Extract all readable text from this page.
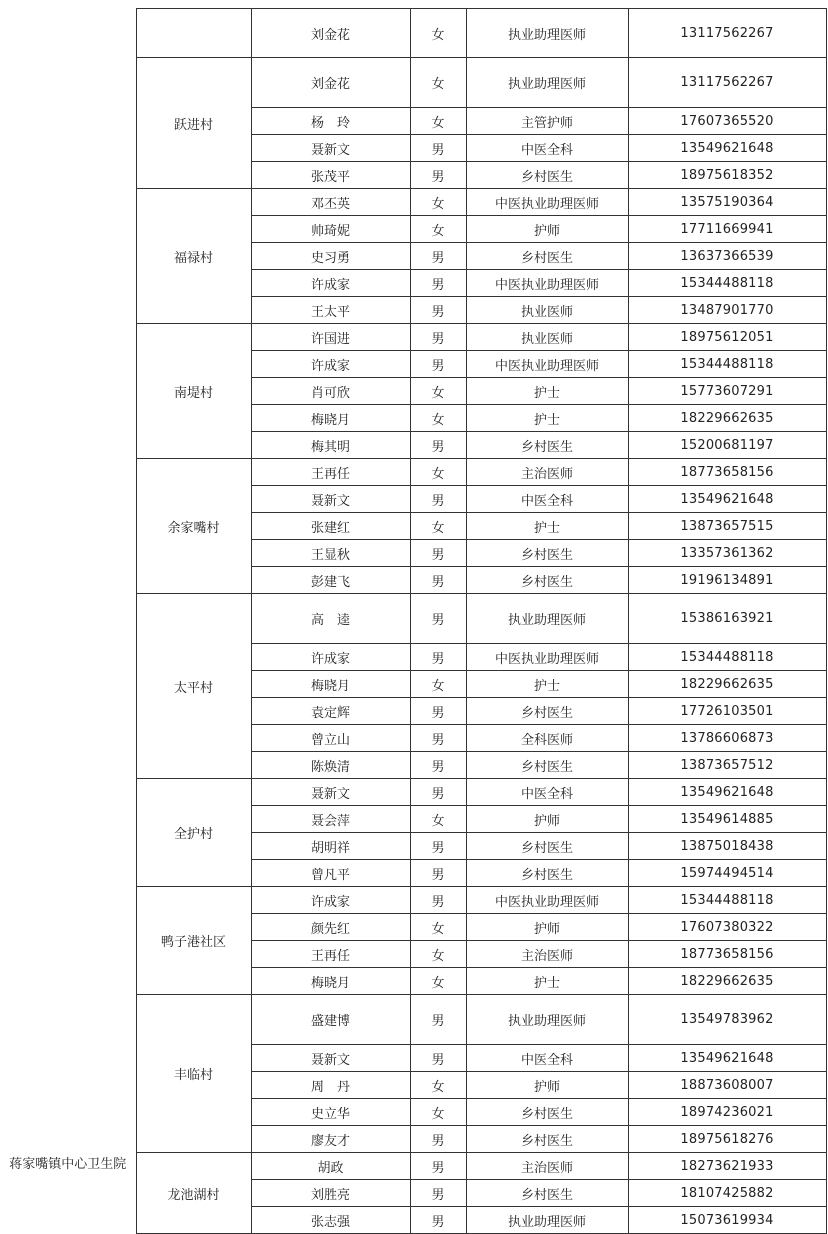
		刘金花	女	执业助理医师	13117562267
	跃进村	刘金花	女	执业助理医师	13117562267
		杨　玲	女	主管护师	17607365520
		聂新文	男	中医全科	13549621648
		张茂平	男	乡村医生	18975618352
	福禄村	邓丕英	女	中医执业助理医师	13575190364
		帅琦妮	女	护师	17711669941
		史习勇	男	乡村医生	13637366539
		许成家	男	中医执业助理医师	15344488118
		王太平	男	执业医师	13487901770
	南堤村	许国进	男	执业医师	18975612051
		许成家	男	中医执业助理医师	15344488118
		肖可欣	女	护士	15773607291
		梅晓月	女	护士	18229662635
		梅其明	男	乡村医生	15200681197
	余家嘴村	王再任	女	主治医师	18773658156
		聂新文	男	中医全科	13549621648
		张建红	女	护士	13873657515
		王显秋	男	乡村医生	13357361362
		彭建飞	男	乡村医生	19196134891
	太平村	高　逵	男	执业助理医师	15386163921
		许成家	男	中医执业助理医师	15344488118
		梅晓月	女	护士	18229662635
		袁定辉	男	乡村医生	17726103501
		曾立山	男	全科医师	13786606873
		陈焕清	男	乡村医生	13873657512
	全护村	聂新文	男	中医全科	13549621648
		聂会萍	女	护师	13549614885
		胡明祥	男	乡村医生	13875018438
		曾凡平	男	乡村医生	15974494514
	鸭子港社区	许成家	男	中医执业助理医师	15344488118
		颜先红	女	护师	17607380322
		王再任	女	主治医师	18773658156
		梅晓月	女	护士	18229662635
	丰临村	盛建博	男	执业助理医师	13549783962
		聂新文	男	中医全科	13549621648
		周　丹	女	护师	18873608007
		史立华	女	乡村医生	18974236021
		廖友才	男	乡村医生	18975618276
蒋家嘴镇中心卫生院	龙池湖村	胡政	男	主治医师	18273621933
		刘胜亮	男	乡村医生	18107425882
		张志强	男	执业助理医师	15073619934
